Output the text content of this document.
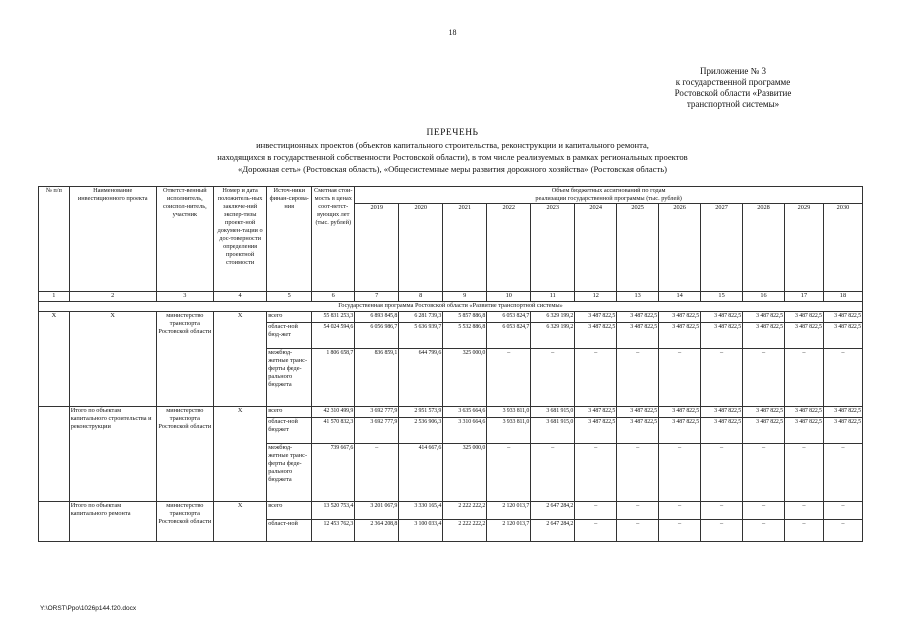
18
Приложение № 3
к государственной программе
Ростовской области «Развитие
транспортной системы»
ПЕРЕЧЕНЬ
инвестиционных проектов (объектов капитального строительства, реконструкции и капитального ремонта,
находящихся в государственной собственности Ростовской области), в том числе реализуемых в рамках региональных проектов
«Дорожная сеть» (Ростовская область), «Общесистемные меры развития дорожного хозяйства» (Ростовская область)
№ п/п	Наименование инвестиционного проекта	Ответст-венный исполнитель, соиспол-нитель, участник	Номер и дата положитель-ных заключе-ний экспер-тизы проект-ной докумен-тации о дос-товерности определения проектной стоимости	Источ-ники финан-сирова-ния	Сметная стои-мость в ценах соот-ветст-вующих лет (тыс. рублей)	Объем бюджетных ассигнований по годам
реализации государственной программы (тыс. рублей)											

						2019	2020	2021	2022	2023	2024	2025	2026	2027	2028	2029	2030
1	2	3	4	5	6	7	8	9	10	11	12	13	14	15	16	17	18
Государственная программа Ростовской области «Развитие транспортной системы»																	
Х	Х	министерство транспорта Ростовской области	Х	всего	55 831 253,3	6 893 845,8	6 281 739,3	5 857 886,8	6 053 824,7	6 329 199,2	3 487 822,5	3 487 822,5	3 487 822,5	3 487 822,5	3 487 822,5	3 487 822,5	3 487 822,5
				област-ной бюд-жет	54 024 594,6	6 056 986,7	5 636 939,7	5 532 886,8	6 053 824,7	6 329 199,2	3 487 822,5	3 487 822,5	3 487 822,5	3 487 822,5	3 487 822,5	3 487 822,5	3 487 822,5
				межбюд-жетные транс-ферты феде-рального бюджета	1 806 658,7	836 859,1	644 799,6	325 000,0	–	–	–	–	–	–	–	–	–
	Итого по объектам капитального строительства и реконструкции	министерство транспорта Ростовской области	Х	всего	42 310 499,9	3 692 777,9	2 951 573,9	3 635 664,6	3 933 811,0	3 681 915,0	3 487 822,5	3 487 822,5	3 487 822,5	3 487 822,5	3 487 822,5	3 487 822,5	3 487 822,5
				област-ной бюджет	41 570 832,3	3 692 777,9	2 536 906,3	3 310 664,6	3 933 811,0	3 681 915,0	3 487 822,5	3 487 822,5	3 487 822,5	3 487 822,5	3 487 822,5	3 487 822,5	3 487 822,5
				межбюд-жетные транс-ферты феде-рального бюджета	739 667,6	–	414 667,6	325 000,0	–	–	–	–	–	–	–	–	–
	Итого по объектам капитального ремонта	министерство транспорта Ростовской области	Х	всего	13 520 753,4	3 201 067,9	3 330 165,4	2 222 222,2	2 120 013,7	2 647 284,2	–	–	–	–	–	–	–
				област-ной	12 453 762,3	2 364 208,8	3 100 033,4	2 222 222,2	2 120 013,7	2 647 284,2	–	–	–	–	–	–	–
Y:\ORST\Ppo\1026p144.f20.docx
